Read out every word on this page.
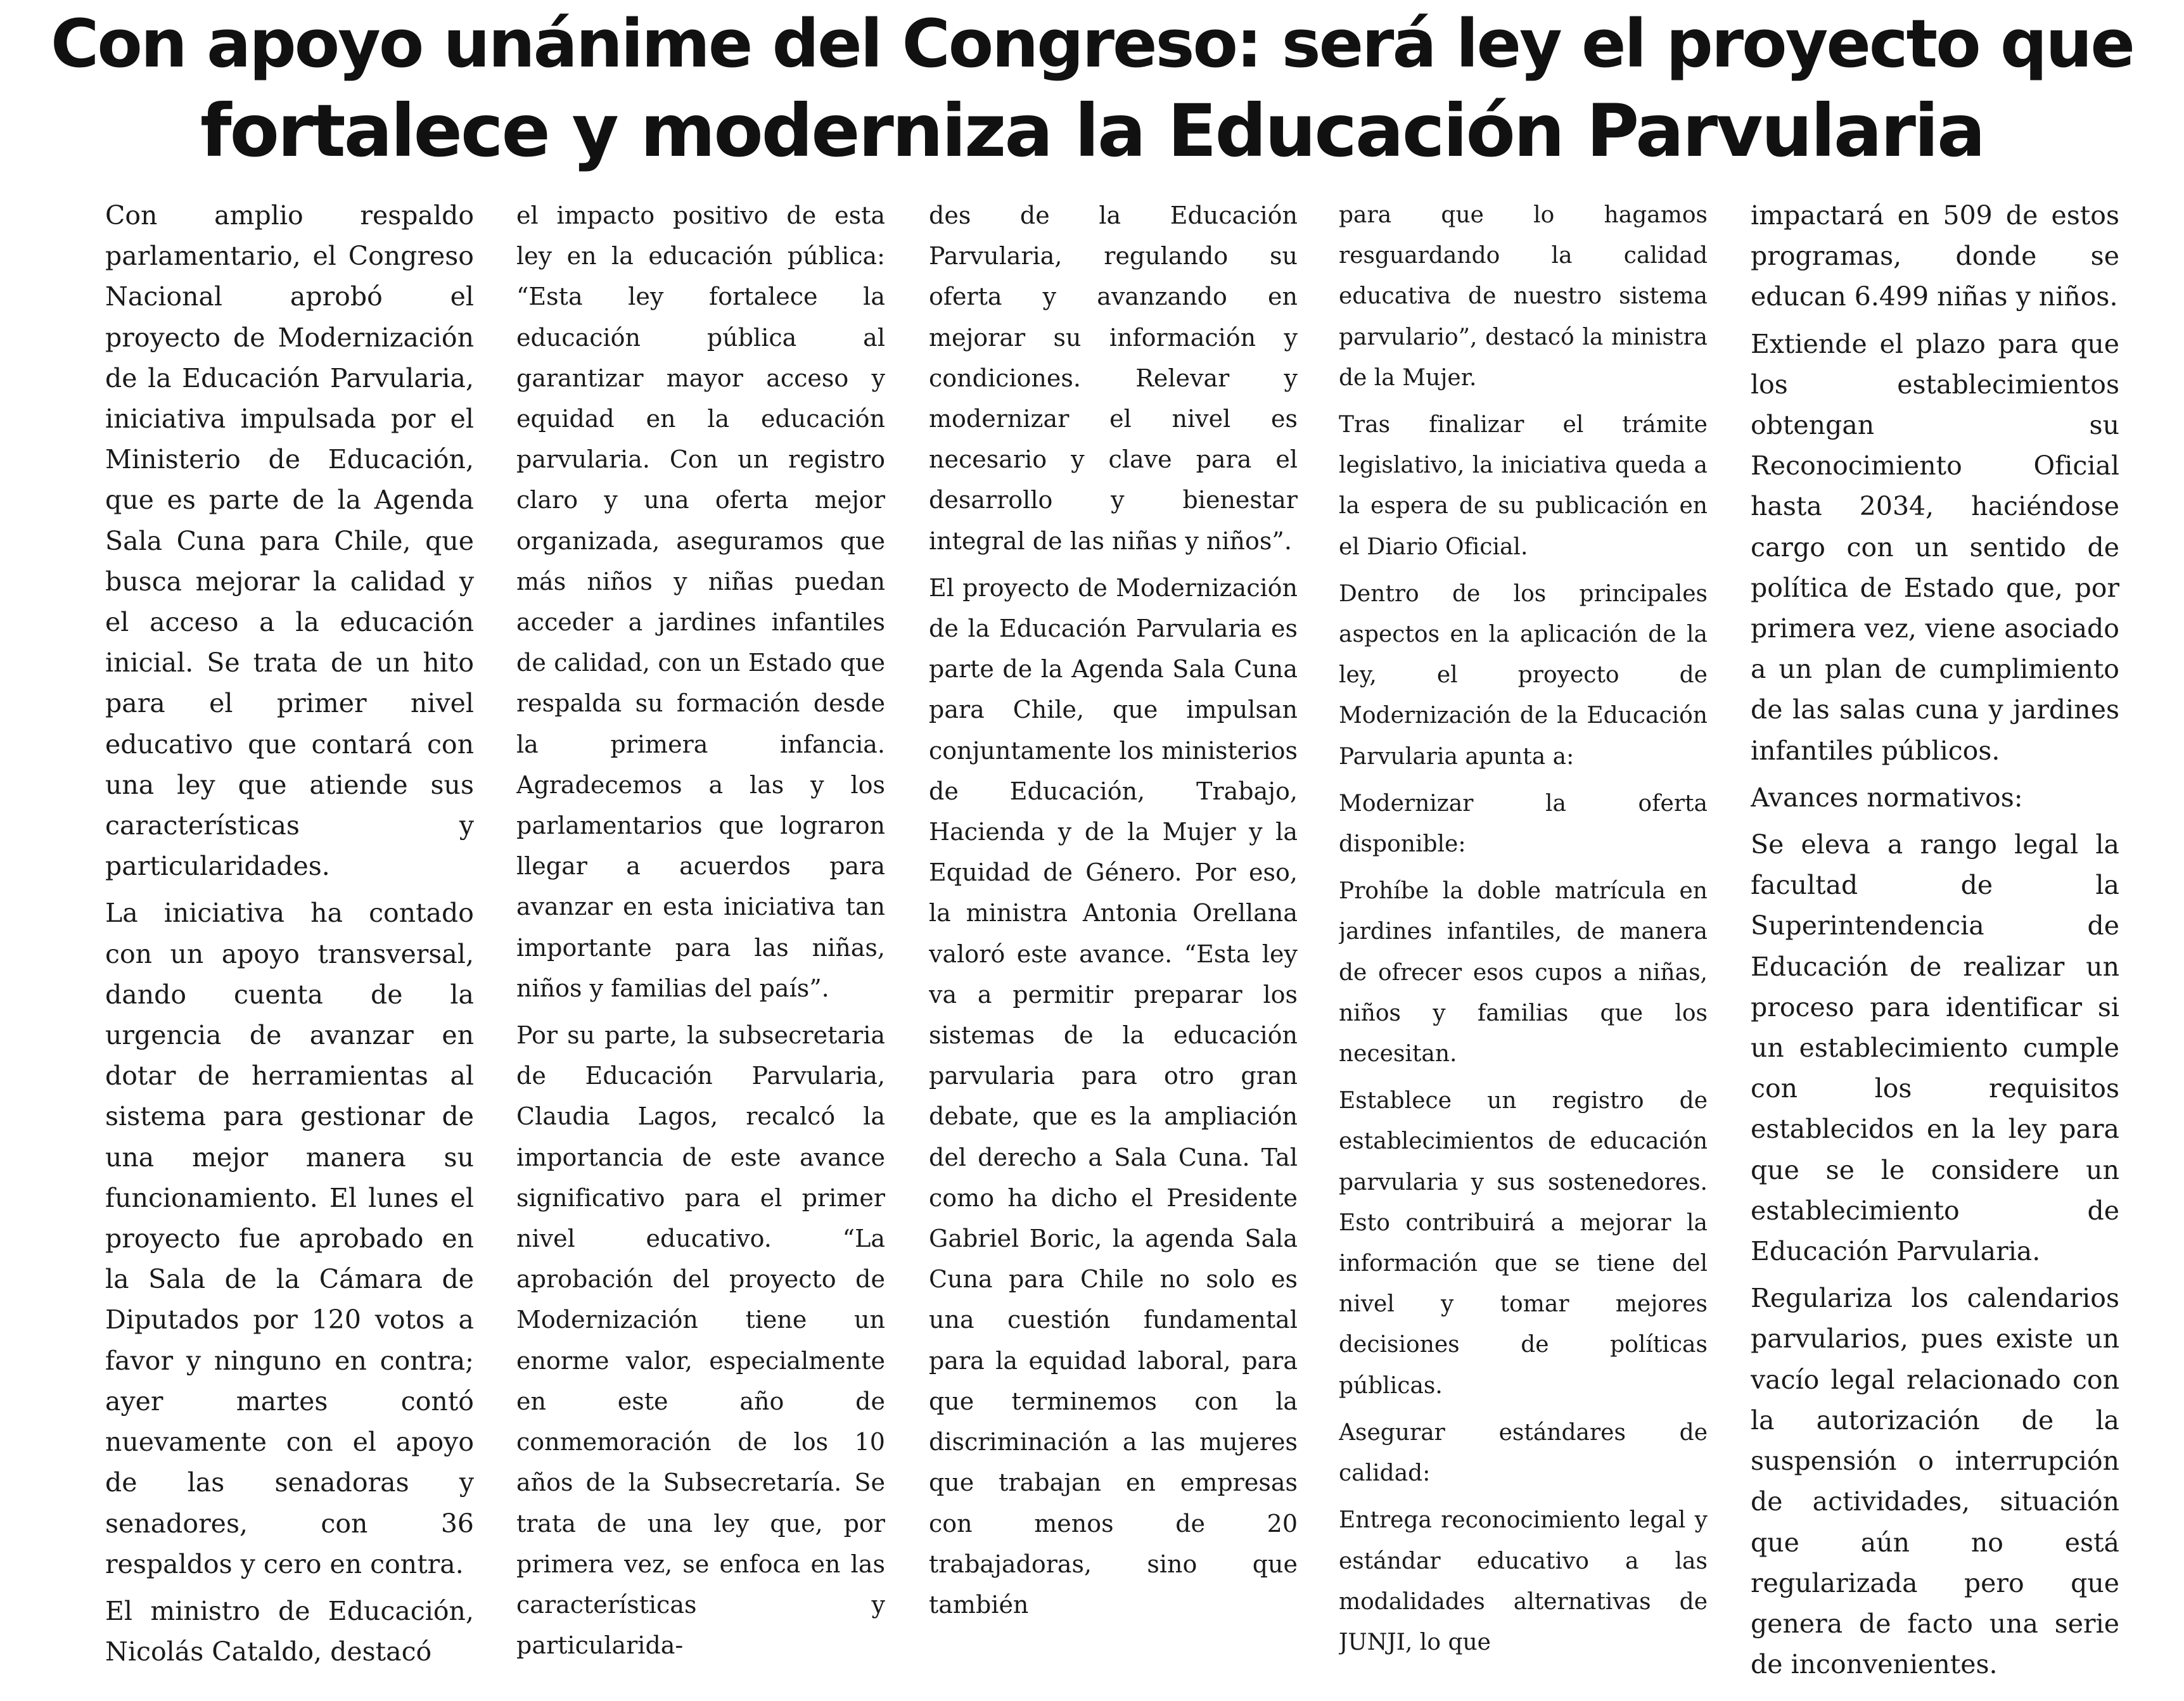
Con apoyo unánime del Congreso: será ley el proyecto que
fortalece y moderniza la Educación Parvularia

Con amplio respaldo parlamentario, el Congreso Nacional aprobó el proyecto de Modernización de la Educación Parvularia, iniciativa impulsada por el Ministerio de Educación, que es parte de la Agenda Sala Cuna para Chile, que busca mejorar la calidad y el acceso a la educación inicial. Se trata de un hito para el primer nivel educativo que contará con una ley que atiende sus características y particularidades.

La iniciativa ha contado con un apoyo transversal, dando cuenta de la urgencia de avanzar en dotar de herramientas al sistema para gestionar de una mejor manera su funcionamiento. El lunes el proyecto fue aprobado en la Sala de la Cámara de Diputados por 120 votos a favor y ninguno en contra; ayer martes contó nuevamente con el apoyo de las senadoras y senadores, con 36 respaldos y cero en contra.

El ministro de Educación, Nicolás Cataldo, destacó

el impacto positivo de esta ley en la educación pública: “Esta ley fortalece la educación pública al garantizar mayor acceso y equidad en la educación parvularia. Con un registro claro y una oferta mejor organizada, aseguramos que más niños y niñas puedan acceder a jardines infantiles de calidad, con un Estado que respalda su formación desde la primera infancia. Agradecemos a las y los parlamentarios que lograron llegar a acuerdos para avanzar en esta iniciativa tan importante para las niñas, niños y familias del país”.

Por su parte, la subsecretaria de Educación Parvularia, Claudia Lagos, recalcó la importancia de este avance significativo para el primer nivel educativo. “La aprobación del proyecto de Modernización tiene un enorme valor, especialmente en este año de conmemoración de los 10 años de la Subsecretaría. Se trata de una ley que, por primera vez, se enfoca en las características y particularida-

des de la Educación Parvularia, regulando su oferta y avanzando en mejorar su información y condiciones. Relevar y modernizar el nivel es necesario y clave para el desarrollo y bienestar integral de las niñas y niños”.

El proyecto de Modernización de la Educación Parvularia es parte de la Agenda Sala Cuna para Chile, que impulsan conjuntamente los ministerios de Educación, Trabajo, Hacienda y de la Mujer y la Equidad de Género. Por eso, la ministra Antonia Orellana valoró este avance. “Esta ley va a permitir preparar los sistemas de la educación parvularia para otro gran debate, que es la ampliación del derecho a Sala Cuna. Tal como ha dicho el Presidente Gabriel Boric, la agenda Sala Cuna para Chile no solo es una cuestión fundamental para la equidad laboral, para que terminemos con la discriminación a las mujeres que trabajan en empresas con menos de 20 trabajadoras, sino que también

para que lo hagamos resguardando la calidad educativa de nuestro sistema parvulario”, destacó la ministra de la Mujer.

Tras finalizar el trámite legislativo, la iniciativa queda a la espera de su publicación en el Diario Oficial.

Dentro de los principales aspectos en la aplicación de la ley, el proyecto de Modernización de la Educación Parvularia apunta a:

Modernizar la oferta disponible:

Prohíbe la doble matrícula en jardines infantiles, de manera de ofrecer esos cupos a niñas, niños y familias que los necesitan.

Establece un registro de establecimientos de educación parvularia y sus sostenedores. Esto contribuirá a mejorar la información que se tiene del nivel y tomar mejores decisiones de políticas públicas.

Asegurar estándares de calidad:

Entrega reconocimiento legal y estándar educativo a las modalidades alternativas de JUNJI, lo que

impactará en 509 de estos programas, donde se educan 6.499 niñas y niños.

Extiende el plazo para que los establecimientos obtengan su Reconocimiento Oficial hasta 2034, haciéndose cargo con un sentido de política de Estado que, por primera vez, viene asociado a un plan de cumplimiento de las salas cuna y jardines infantiles públicos.

Avances normativos:

Se eleva a rango legal la facultad de la Superintendencia de Educación de realizar un proceso para identificar si un establecimiento cumple con los requisitos establecidos en la ley para que se le considere un establecimiento de Educación Parvularia.

Regulariza los calendarios parvularios, pues existe un vacío legal relacionado con la autorización de la suspensión o interrupción de actividades, situación que aún no está regularizada pero que genera de facto una serie de inconvenientes.
